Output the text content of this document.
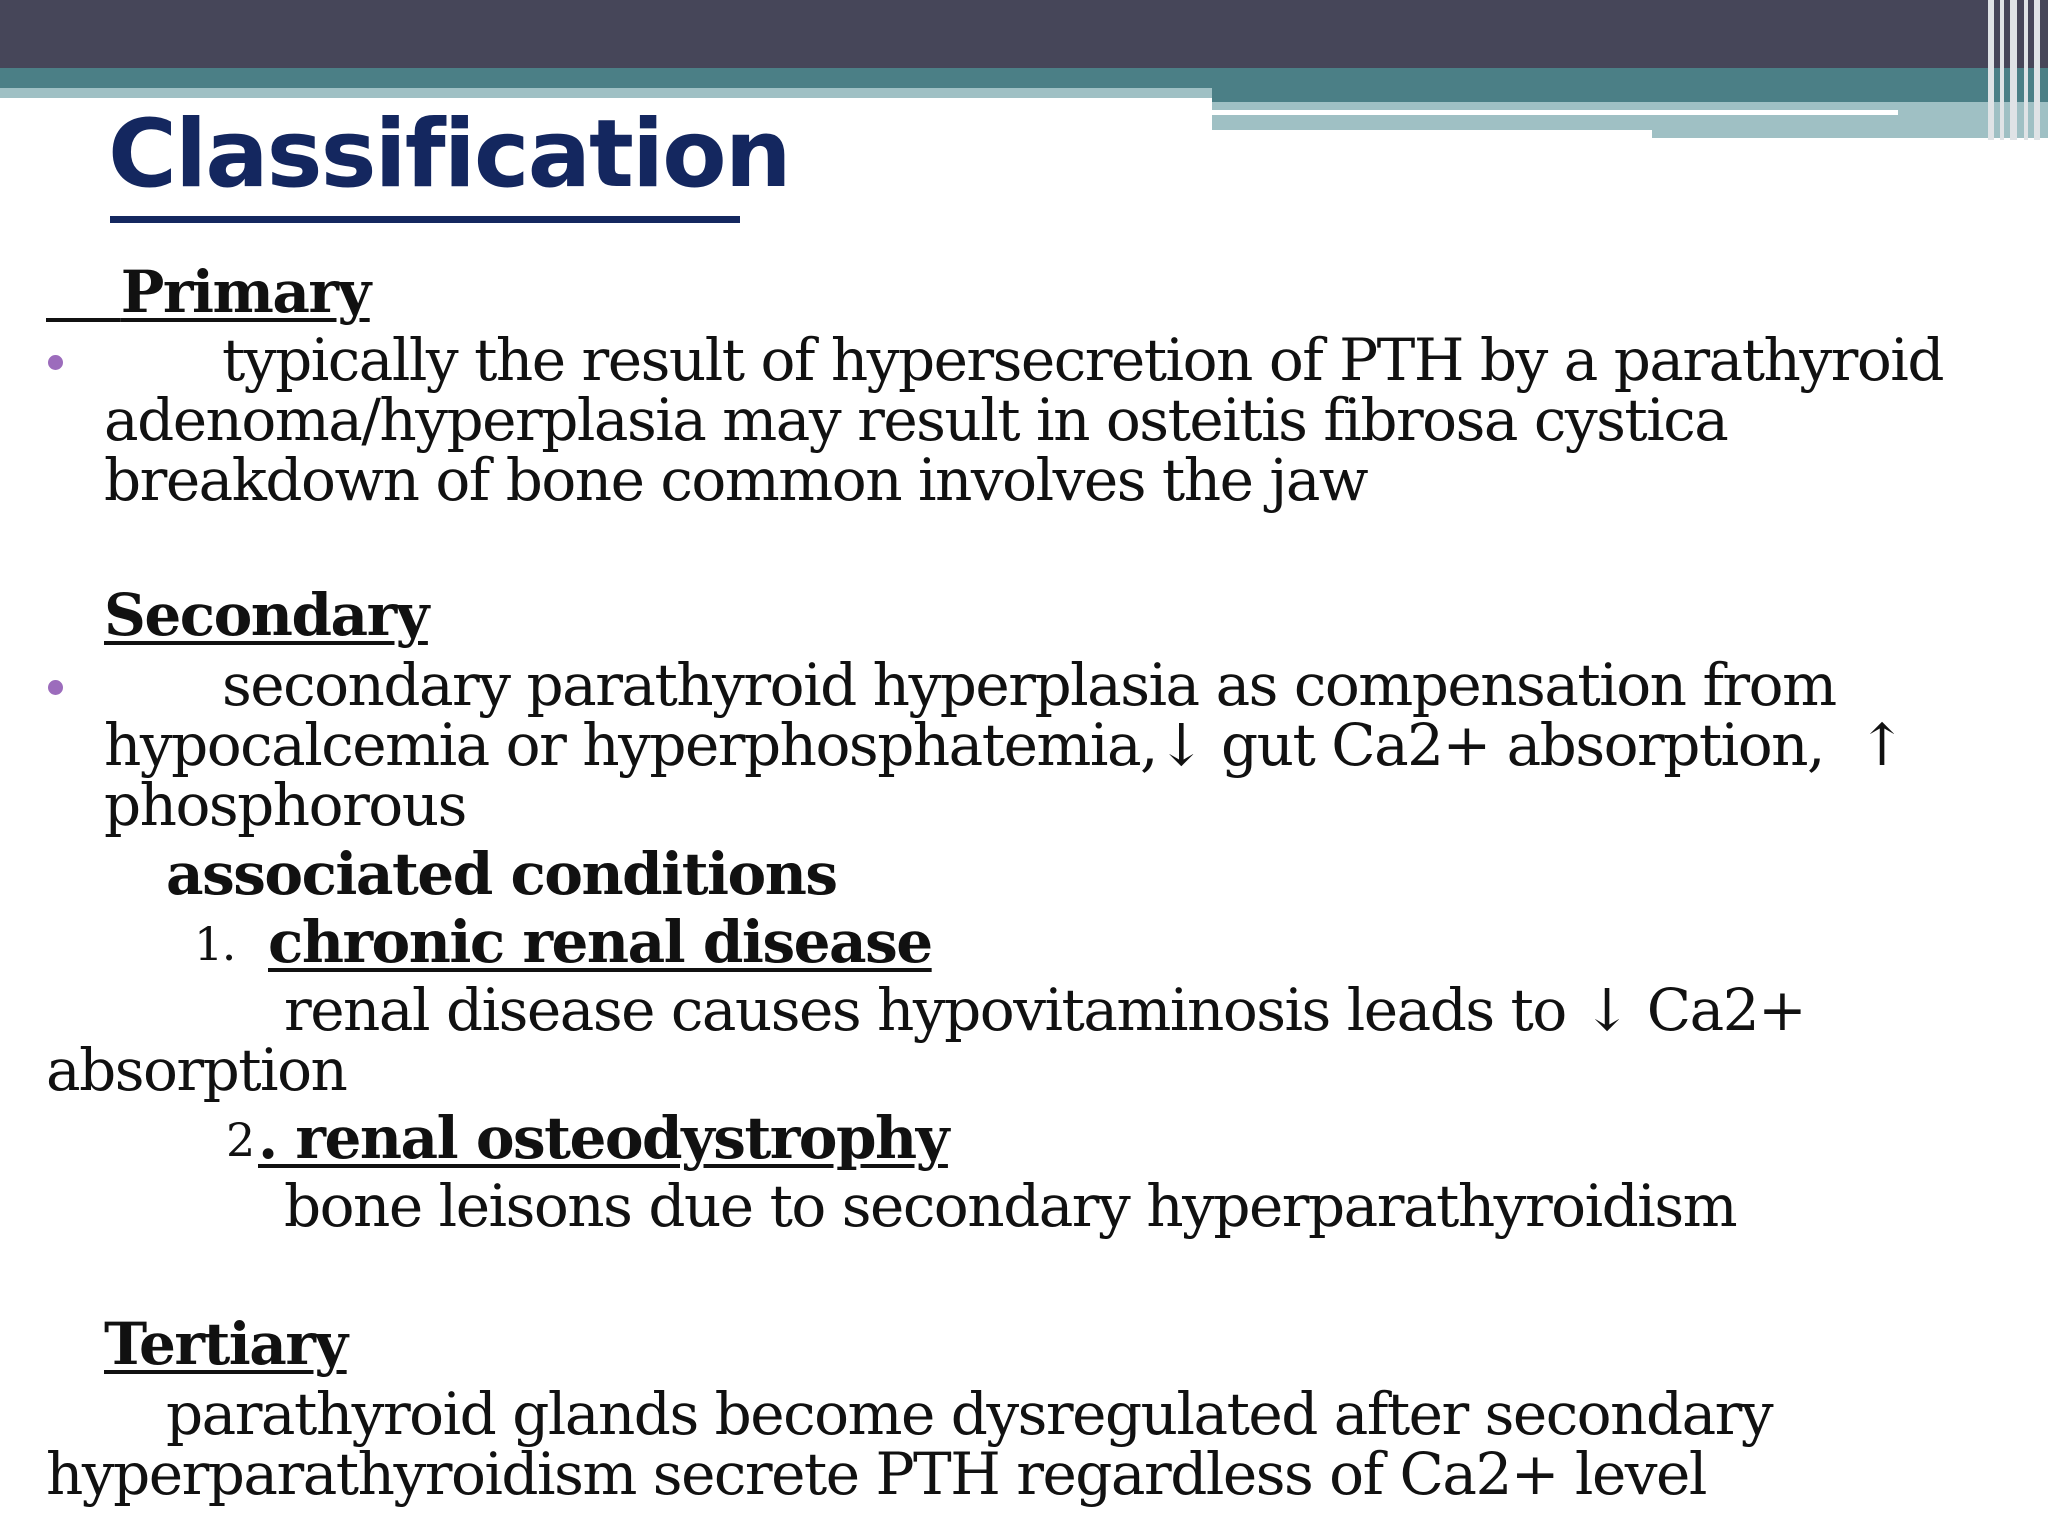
Classification
Primary
typically the result of hypersecretion of PTH by a parathyroid
adenoma/hyperplasia may result in osteitis fibrosa cystica
breakdown of bone common involves the jaw
Secondary
secondary parathyroid hyperplasia as compensation from
hypocalcemia or hyperphosphatemia,↓ gut Ca2+ absorption,  ↑
phosphorous
associated conditions
1. chronic renal disease
renal disease causes hypovitaminosis leads to ↓ Ca2+
absorption
2 . renal osteodystrophy
bone leisons due to secondary hyperparathyroidism
Tertiary
parathyroid glands become dysregulated after secondary
hyperparathyroidism secrete PTH regardless of Ca2+ level
